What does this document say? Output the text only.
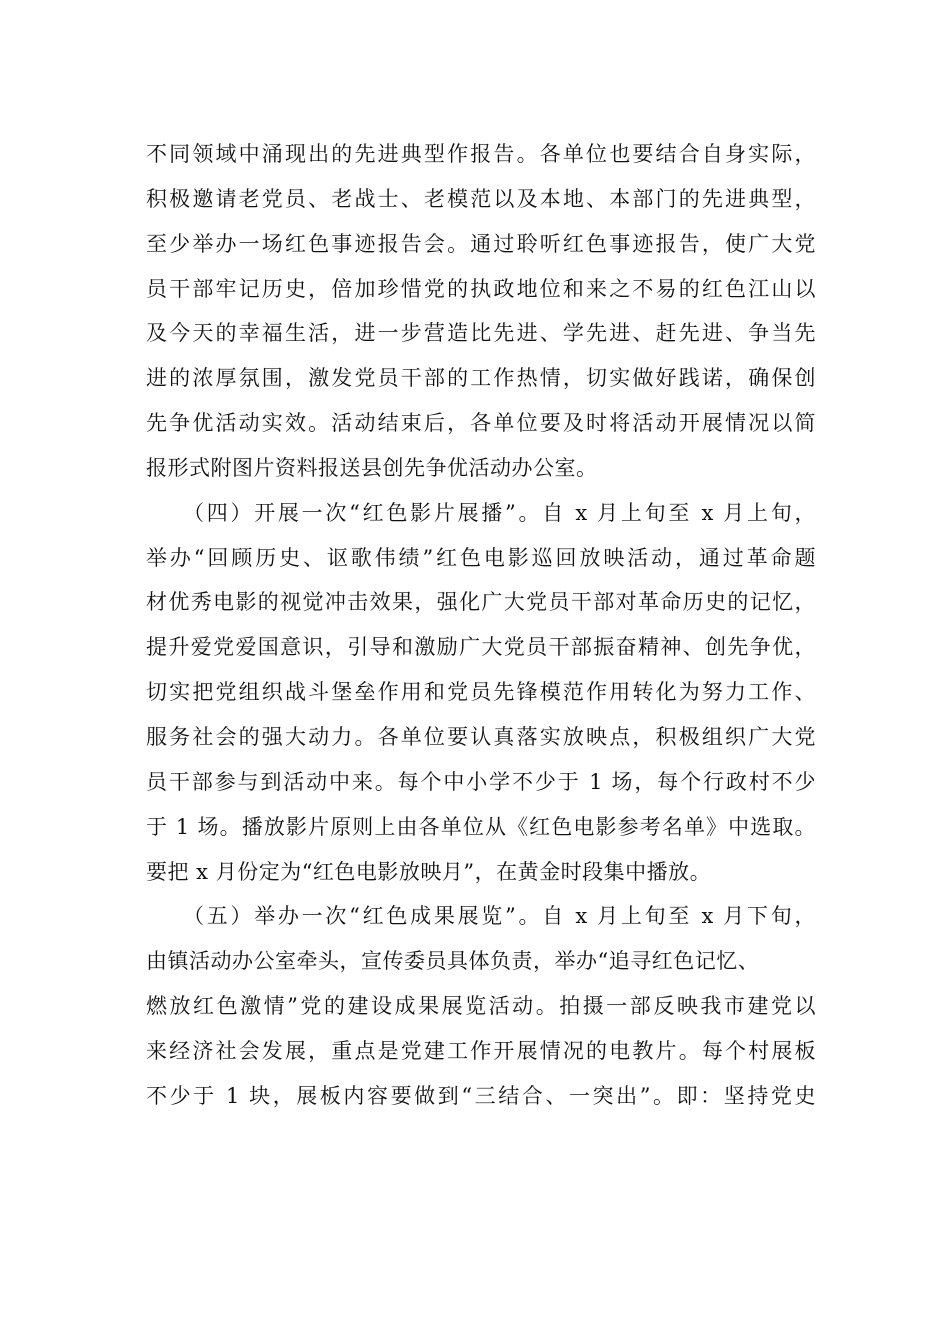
不同领域中涌现出的先进典型作报告。各单位也要结合自身实际，
积极邀请老党员、老战士、老模范以及本地、本部门的先进典型，
至少举办一场红色事迹报告会。通过聆听红色事迹报告，使广大党
员干部牢记历史，倍加珍惜党的执政地位和来之不易的红色江山以
及今天的幸福生活，进一步营造比先进、学先进、赶先进、争当先
进的浓厚氛围，激发党员干部的工作热情，切实做好践诺，确保创
先争优活动实效。活动结束后，各单位要及时将活动开展情况以简
报形式附图片资料报送县创先争优活动办公室。
　　（四）开展一次“红色影片展播”。自 x 月上旬至 x 月上旬，
举办“回顾历史、讴歌伟绩”红色电影巡回放映活动，通过革命题
材优秀电影的视觉冲击效果，强化广大党员干部对革命历史的记忆，
提升爱党爱国意识，引导和激励广大党员干部振奋精神、创先争优，
切实把党组织战斗堡垒作用和党员先锋模范作用转化为努力工作、
服务社会的强大动力。各单位要认真落实放映点，积极组织广大党
员干部参与到活动中来。每个中小学不少于 1 场，每个行政村不少
于 1 场。播放影片原则上由各单位从《红色电影参考名单》中选取。
要把 x 月份定为“红色电影放映月”，在黄金时段集中播放。
　　（五）举办一次“红色成果展览”。自 x 月上旬至 x 月下旬，
由镇活动办公室牵头，宣传委员具体负责，举办“追寻红色记忆、
燃放红色激情”党的建设成果展览活动。拍摄一部反映我市建党以
来经济社会发展，重点是党建工作开展情况的电教片。每个村展板
不少于 1 块，展板内容要做到“三结合、一突出”。即：坚持党史
